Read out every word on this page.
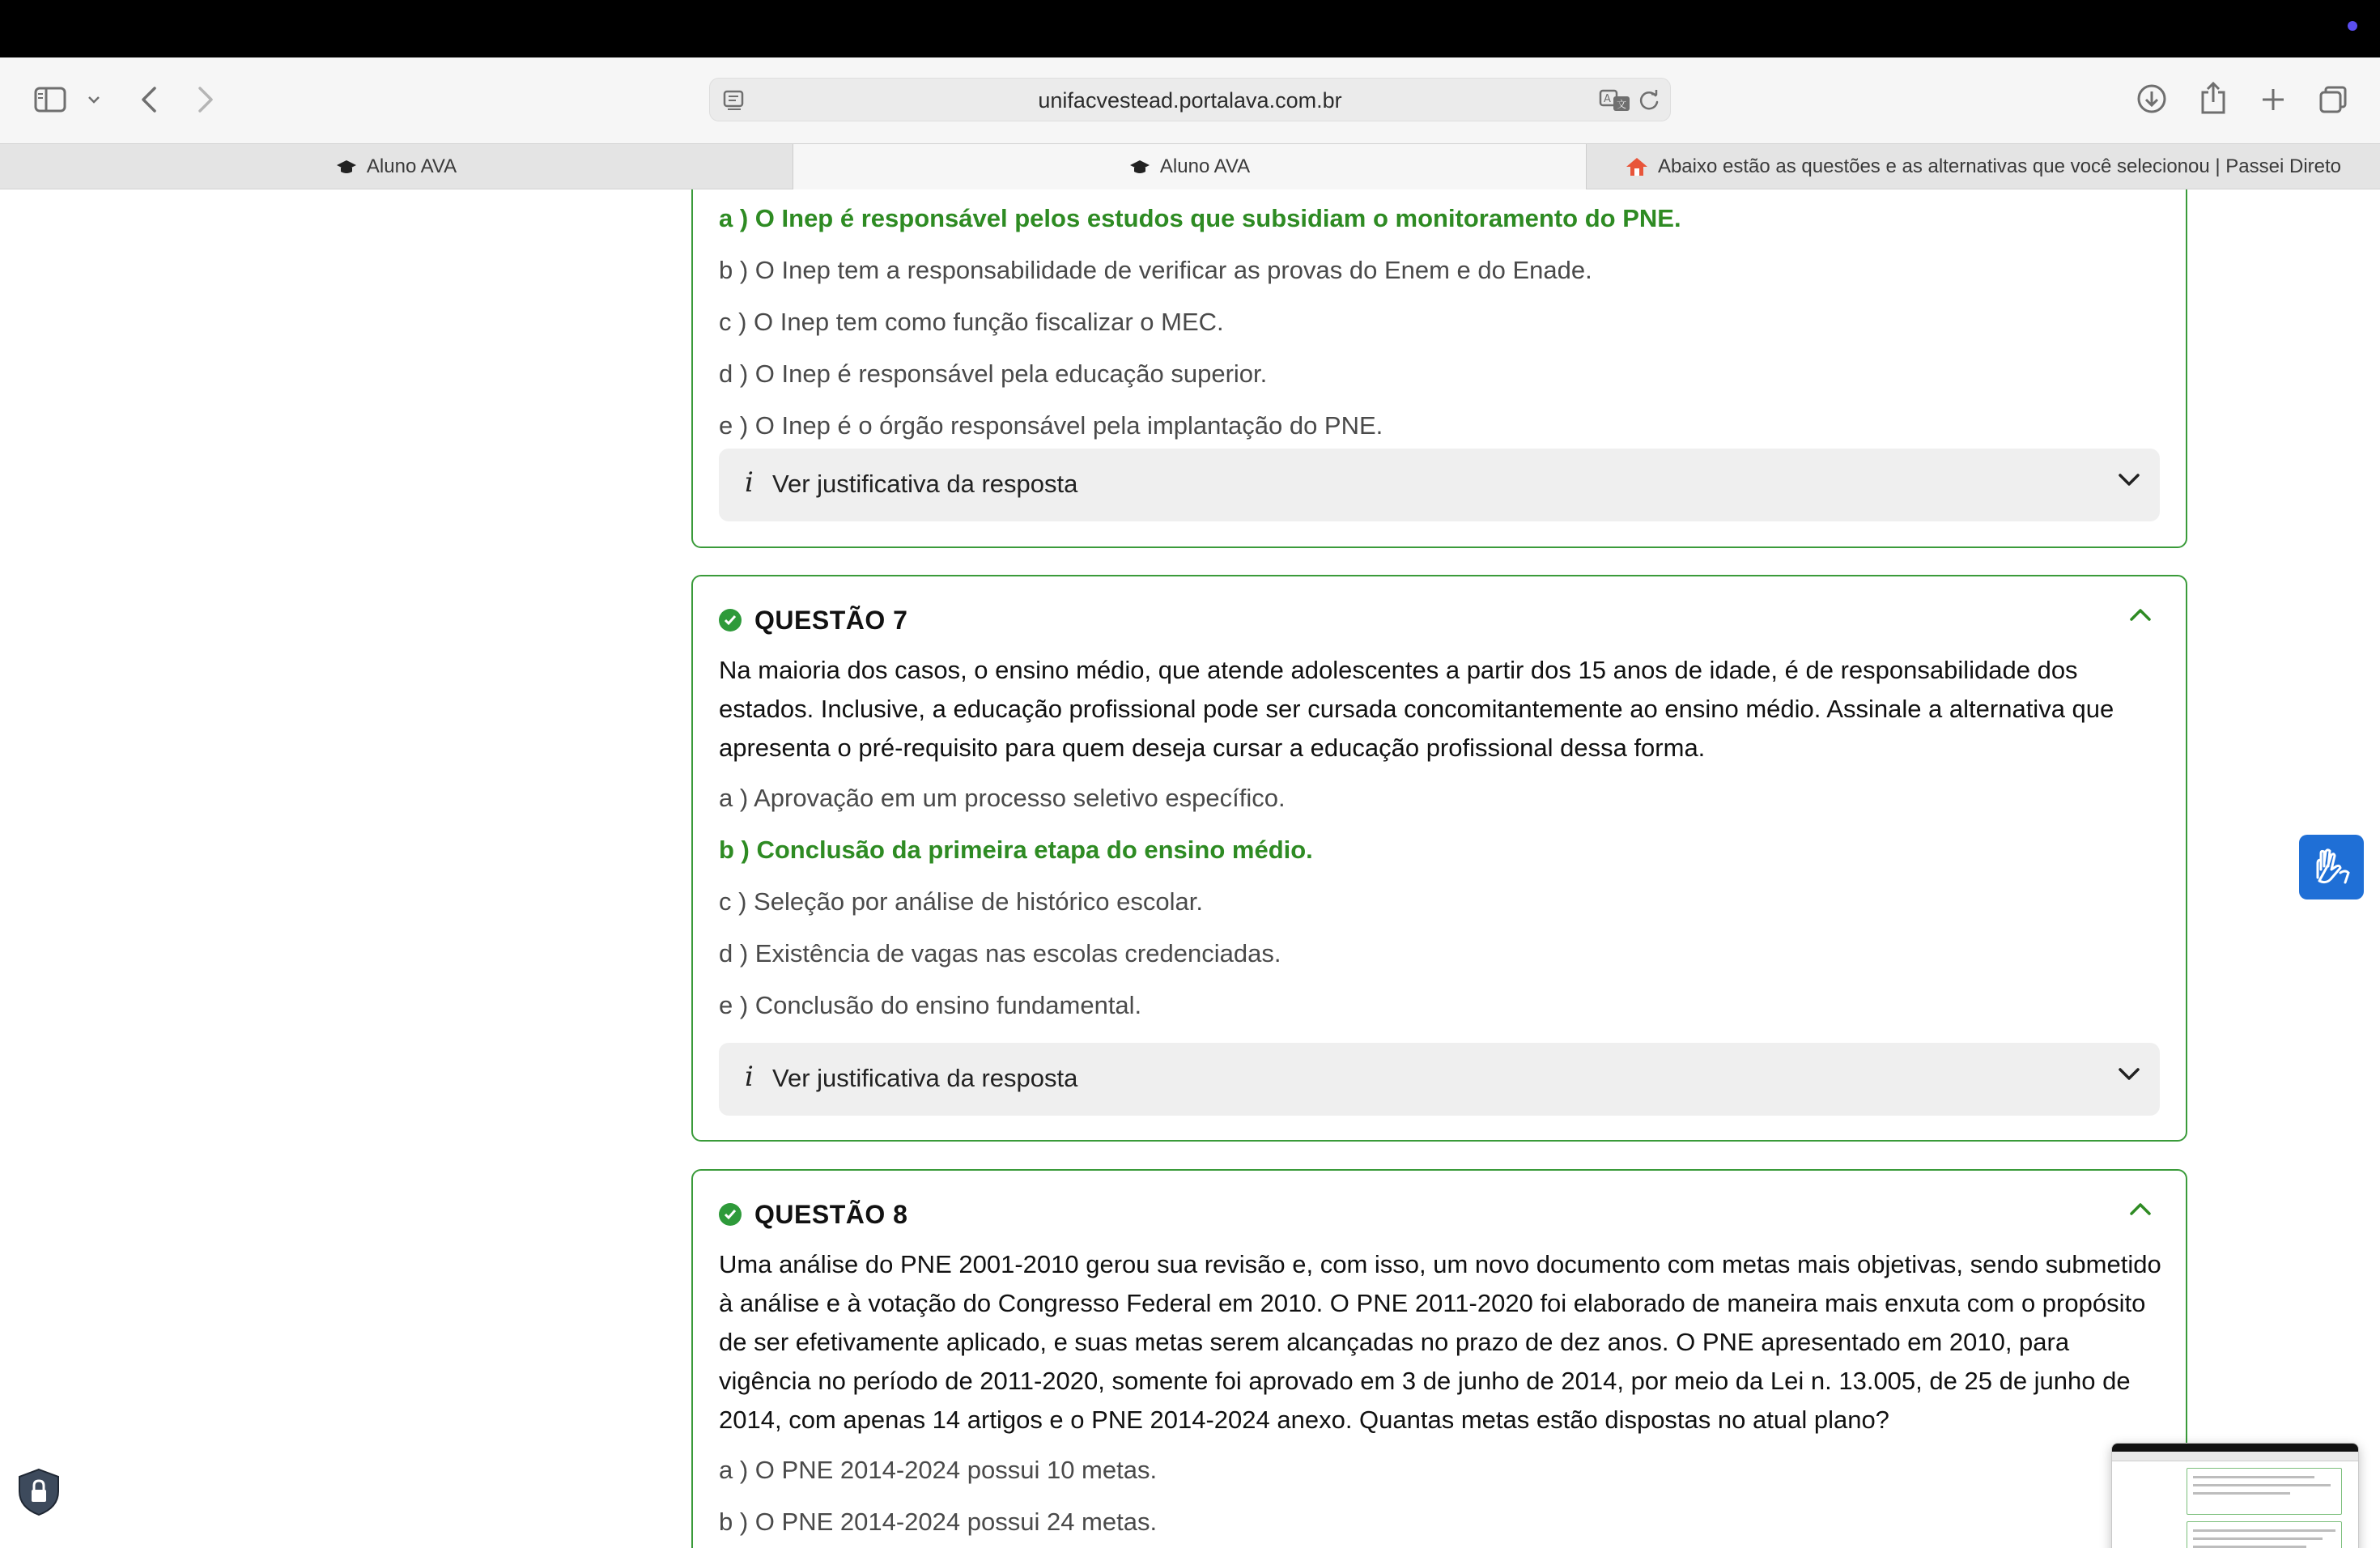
unifacvestead.portalava.com.br	A 文
Aluno AVA	Aluno AVA	Abaixo estão as questões e as alternativas que você selecionou | Passei Direto
a ) O Inep é responsável pelos estudos que subsidiam o monitoramento do PNE.
b ) O Inep tem a responsabilidade de verificar as provas do Enem e do Enade.
c ) O Inep tem como função fiscalizar o MEC.
d ) O Inep é responsável pela educação superior.
e ) O Inep é o órgão responsável pela implantação do PNE.
i Ver justificativa da resposta
QUESTÃO 7
Na maioria dos casos, o ensino médio, que atende adolescentes a partir dos 15 anos de idade, é de responsabilidade dos estados. Inclusive, a educação profissional pode ser cursada concomitantemente ao ensino médio. Assinale a alternativa que apresenta o pré-requisito para quem deseja cursar a educação profissional dessa forma.
a ) Aprovação em um processo seletivo específico.
b ) Conclusão da primeira etapa do ensino médio.
c ) Seleção por análise de histórico escolar.
d ) Existência de vagas nas escolas credenciadas.
e ) Conclusão do ensino fundamental.
i Ver justificativa da resposta
QUESTÃO 8
Uma análise do PNE 2001-2010 gerou sua revisão e, com isso, um novo documento com metas mais objetivas, sendo submetido à análise e à votação do Congresso Federal em 2010. O PNE 2011-2020 foi elaborado de maneira mais enxuta com o propósito de ser efetivamente aplicado, e suas metas serem alcançadas no prazo de dez anos. O PNE apresentado em 2010, para vigência no período de 2011-2020, somente foi aprovado em 3 de junho de 2014, por meio da Lei n. 13.005, de 25 de junho de 2014, com apenas 14 artigos e o PNE 2014-2024 anexo. Quantas metas estão dispostas no atual plano?
a ) O PNE 2014-2024 possui 10 metas.
b ) O PNE 2014-2024 possui 24 metas.
